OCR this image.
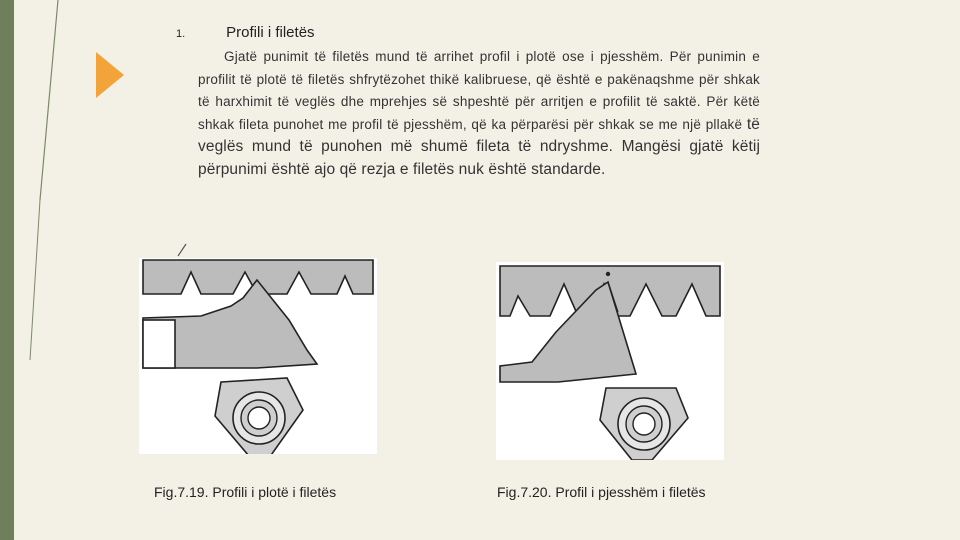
1.	Profili i filetës
Gjatë punimit të filetës mund të arrihet profil i plotë ose i pjesshëm. Për punimin e profilit të plotë të filetës shfrytëzohet thikë kalibruese, që është e pakënaqshme për shkak të harxhimit të veglës dhe mprehjes së shpeshtë për arritjen e profilit të saktë. Për këtë shkak fileta punohet me profil të pjesshëm, që ka përparësi për shkak se me një pllakë të veglës mund të punohen më shumë fileta të ndryshme. Mangësi gjatë këtij përpunimi është ajo që rezja e filetës nuk është standarde.
Fig.7.19. Profili i plotë i filetës	Fig.7.20. Profil i pjesshëm i filetës
